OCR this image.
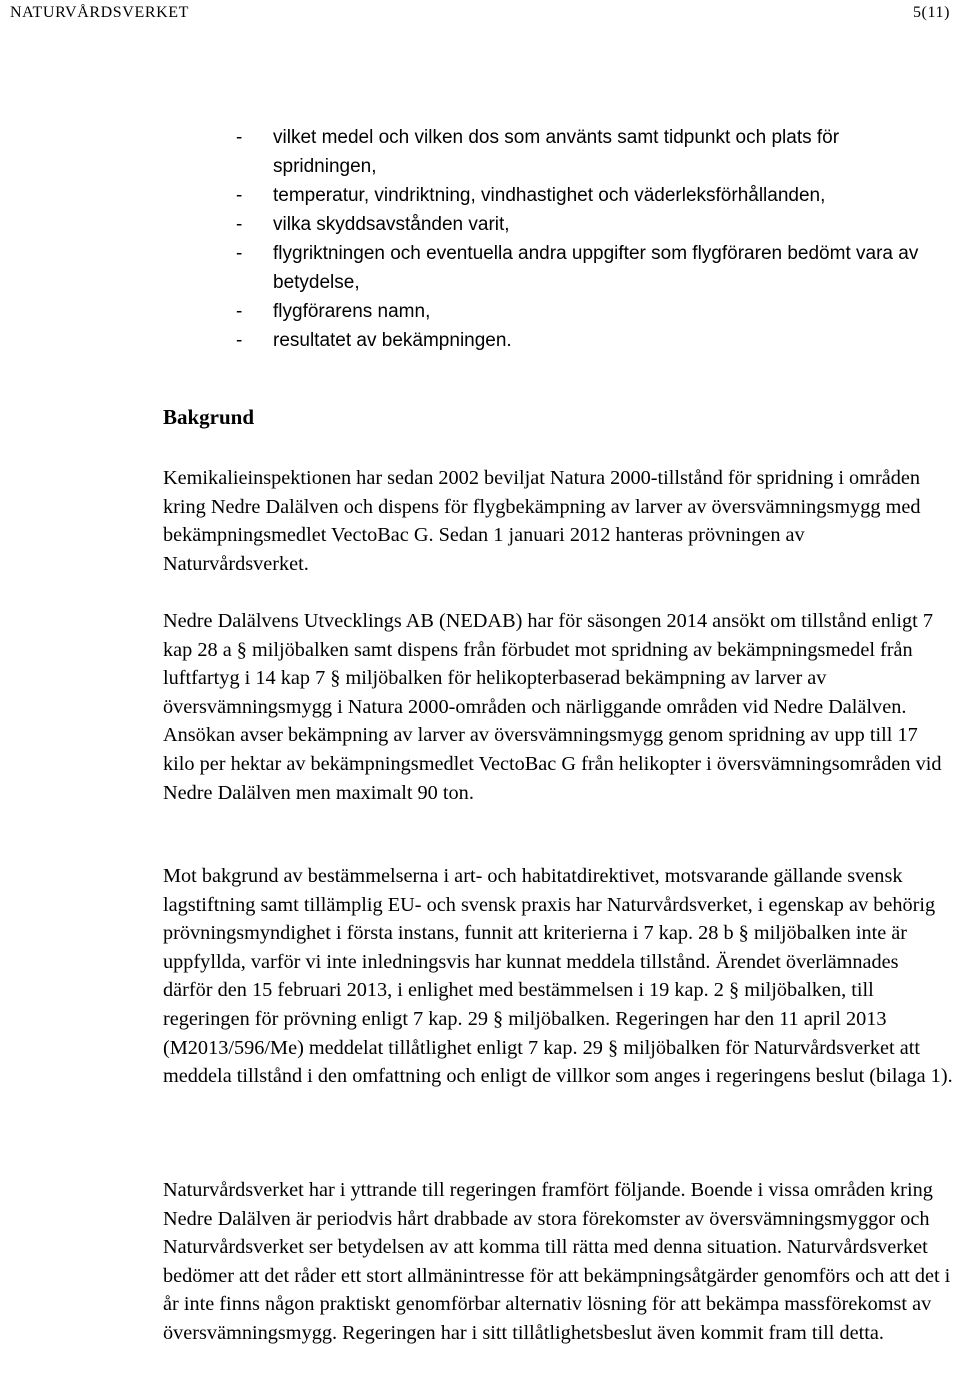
NATURVÅRDSVERKET	5(11)
- vilket medel och vilken dos som använts samt tidpunkt och plats för spridningen,
- temperatur, vindriktning, vindhastighet och väderleksförhållanden,
- vilka skyddsavstånden varit,
- flygriktningen och eventuella andra uppgifter som flygföraren bedömt vara av betydelse,
- flygförarens namn,
- resultatet av bekämpningen.
Bakgrund

Kemikalieinspektionen har sedan 2002 beviljat Natura 2000-tillstånd för spridning i områden kring Nedre Dalälven och dispens för flygbekämpning av larver av översvämningsmygg med bekämpningsmedlet VectoBac G. Sedan 1 januari 2012 hanteras prövningen av Naturvårdsverket.

Nedre Dalälvens Utvecklings AB (NEDAB) har för säsongen 2014 ansökt om tillstånd enligt 7 kap 28 a § miljöbalken samt dispens från förbudet mot spridning av bekämpningsmedel från luftfartyg i 14 kap 7 § miljöbalken för helikopterbaserad bekämpning av larver av översvämningsmygg i Natura 2000-områden och närliggande områden vid Nedre Dalälven. Ansökan avser bekämpning av larver av översvämningsmygg genom spridning av upp till 17 kilo per hektar av bekämpningsmedlet VectoBac G från helikopter i översvämningsområden vid Nedre Dalälven men maximalt 90 ton.

Mot bakgrund av bestämmelserna i art- och habitatdirektivet, motsvarande gällande svensk lagstiftning samt tillämplig EU- och svensk praxis har Naturvårdsverket, i egenskap av behörig prövningsmyndighet i första instans, funnit att kriterierna i 7 kap. 28 b § miljöbalken inte är uppfyllda, varför vi inte inledningsvis har kunnat meddela tillstånd. Ärendet överlämnades därför den 15 februari 2013, i enlighet med bestämmelsen i 19 kap. 2 § miljöbalken, till regeringen för prövning enligt 7 kap. 29 § miljöbalken. Regeringen har den 11 april 2013 (M2013/596/Me) meddelat tillåtlighet enligt 7 kap. 29 § miljöbalken för Naturvårdsverket att meddela tillstånd i den omfattning och enligt de villkor som anges i regeringens beslut (bilaga 1).

Naturvårdsverket har i yttrande till regeringen framfört följande. Boende i vissa områden kring Nedre Dalälven är periodvis hårt drabbade av stora förekomster av översvämningsmyggor och Naturvårdsverket ser betydelsen av att komma till rätta med denna situation. Naturvårdsverket bedömer att det råder ett stort allmänintresse för att bekämpningsåtgärder genomförs och att det i år inte finns någon praktiskt genomförbar alternativ lösning för att bekämpa massförekomst av översvämningsmygg. Regeringen har i sitt tillåtlighetsbeslut även kommit fram till detta.
